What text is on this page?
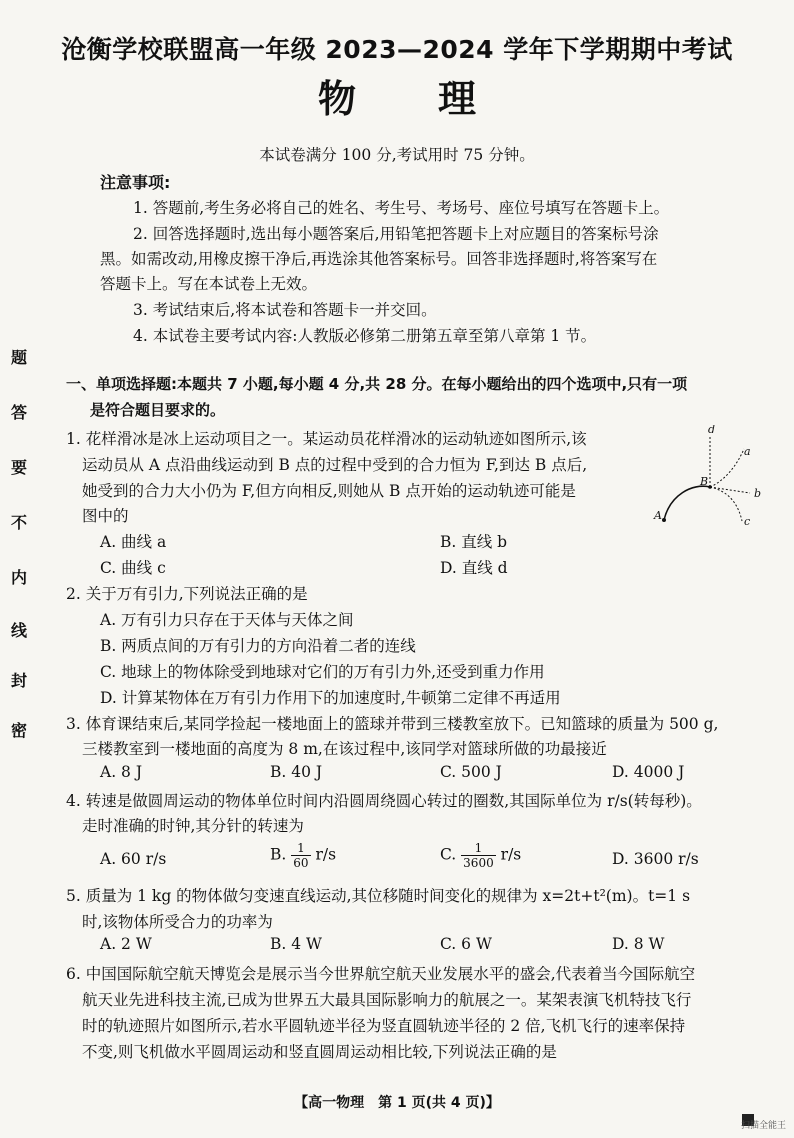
沧衡学校联盟高一年级 2023—2024 学年下学期期中考试
物 理
本试卷满分 100 分,考试用时 75 分钟。
注意事项:
1. 答题前,考生务必将自己的姓名、考生号、考场号、座位号填写在答题卡上。
2. 回答选择题时,选出每小题答案后,用铅笔把答题卡上对应题目的答案标号涂
黑。如需改动,用橡皮擦干净后,再选涂其他答案标号。回答非选择题时,将答案写在
答题卡上。写在本试卷上无效。
3. 考试结束后,将本试卷和答题卡一并交回。
4. 本试卷主要考试内容:人教版必修第二册第五章至第八章第 1 节。
题
答
要
不
内
线
封
密
一、单项选择题:本题共 7 小题,每小题 4 分,共 28 分。在每小题给出的四个选项中,只有一项
是符合题目要求的。
1. 花样滑冰是冰上运动项目之一。某运动员花样滑冰的运动轨迹如图所示,该
运动员从 A 点沿曲线运动到 B 点的过程中受到的合力恒为 F,到达 B 点后,
她受到的合力大小仍为 F,但方向相反,则她从 B 点开始的运动轨迹可能是
图中的
A. 曲线 a	B. 直线 b
C. 曲线 c	D. 直线 d
d
a
b
c
A
B
2. 关于万有引力,下列说法正确的是
A. 万有引力只存在于天体与天体之间
B. 两质点间的万有引力的方向沿着二者的连线
C. 地球上的物体除受到地球对它们的万有引力外,还受到重力作用
D. 计算某物体在万有引力作用下的加速度时,牛顿第二定律不再适用
3. 体育课结束后,某同学捡起一楼地面上的篮球并带到三楼教室放下。已知篮球的质量为 500 g,
三楼教室到一楼地面的高度为 8 m,在该过程中,该同学对篮球所做的功最接近
A. 8 J	B. 40 J	C. 500 J	D. 4000 J
4. 转速是做圆周运动的物体单位时间内沿圆周绕圆心转过的圈数,其国际单位为 r/s(转每秒)。
走时准确的时钟,其分针的转速为
A. 60 r/s	B. $\frac{1}{60} r/s$	C. $\frac{1}{3600} r/s$	D. 3600 r/s
5. 质量为 1 kg 的物体做匀变速直线运动,其位移随时间变化的规律为 x=2t+t²(m)。t=1 s
时,该物体所受合力的功率为
A. 2 W	B. 4 W	C. 6 W	D. 8 W
6. 中国国际航空航天博览会是展示当今世界航空航天业发展水平的盛会,代表着当今国际航空
航天业先进科技主流,已成为世界五大最具国际影响力的航展之一。某架表演飞机特技飞行
时的轨迹照片如图所示,若水平圆轨迹半径为竖直圆轨迹半径的 2 倍,飞机飞行的速率保持
不变,则飞机做水平圆周运动和竖直圆周运动相比较,下列说法正确的是
【高一物理　第 1 页(共 4 页)】
扫描全能王
